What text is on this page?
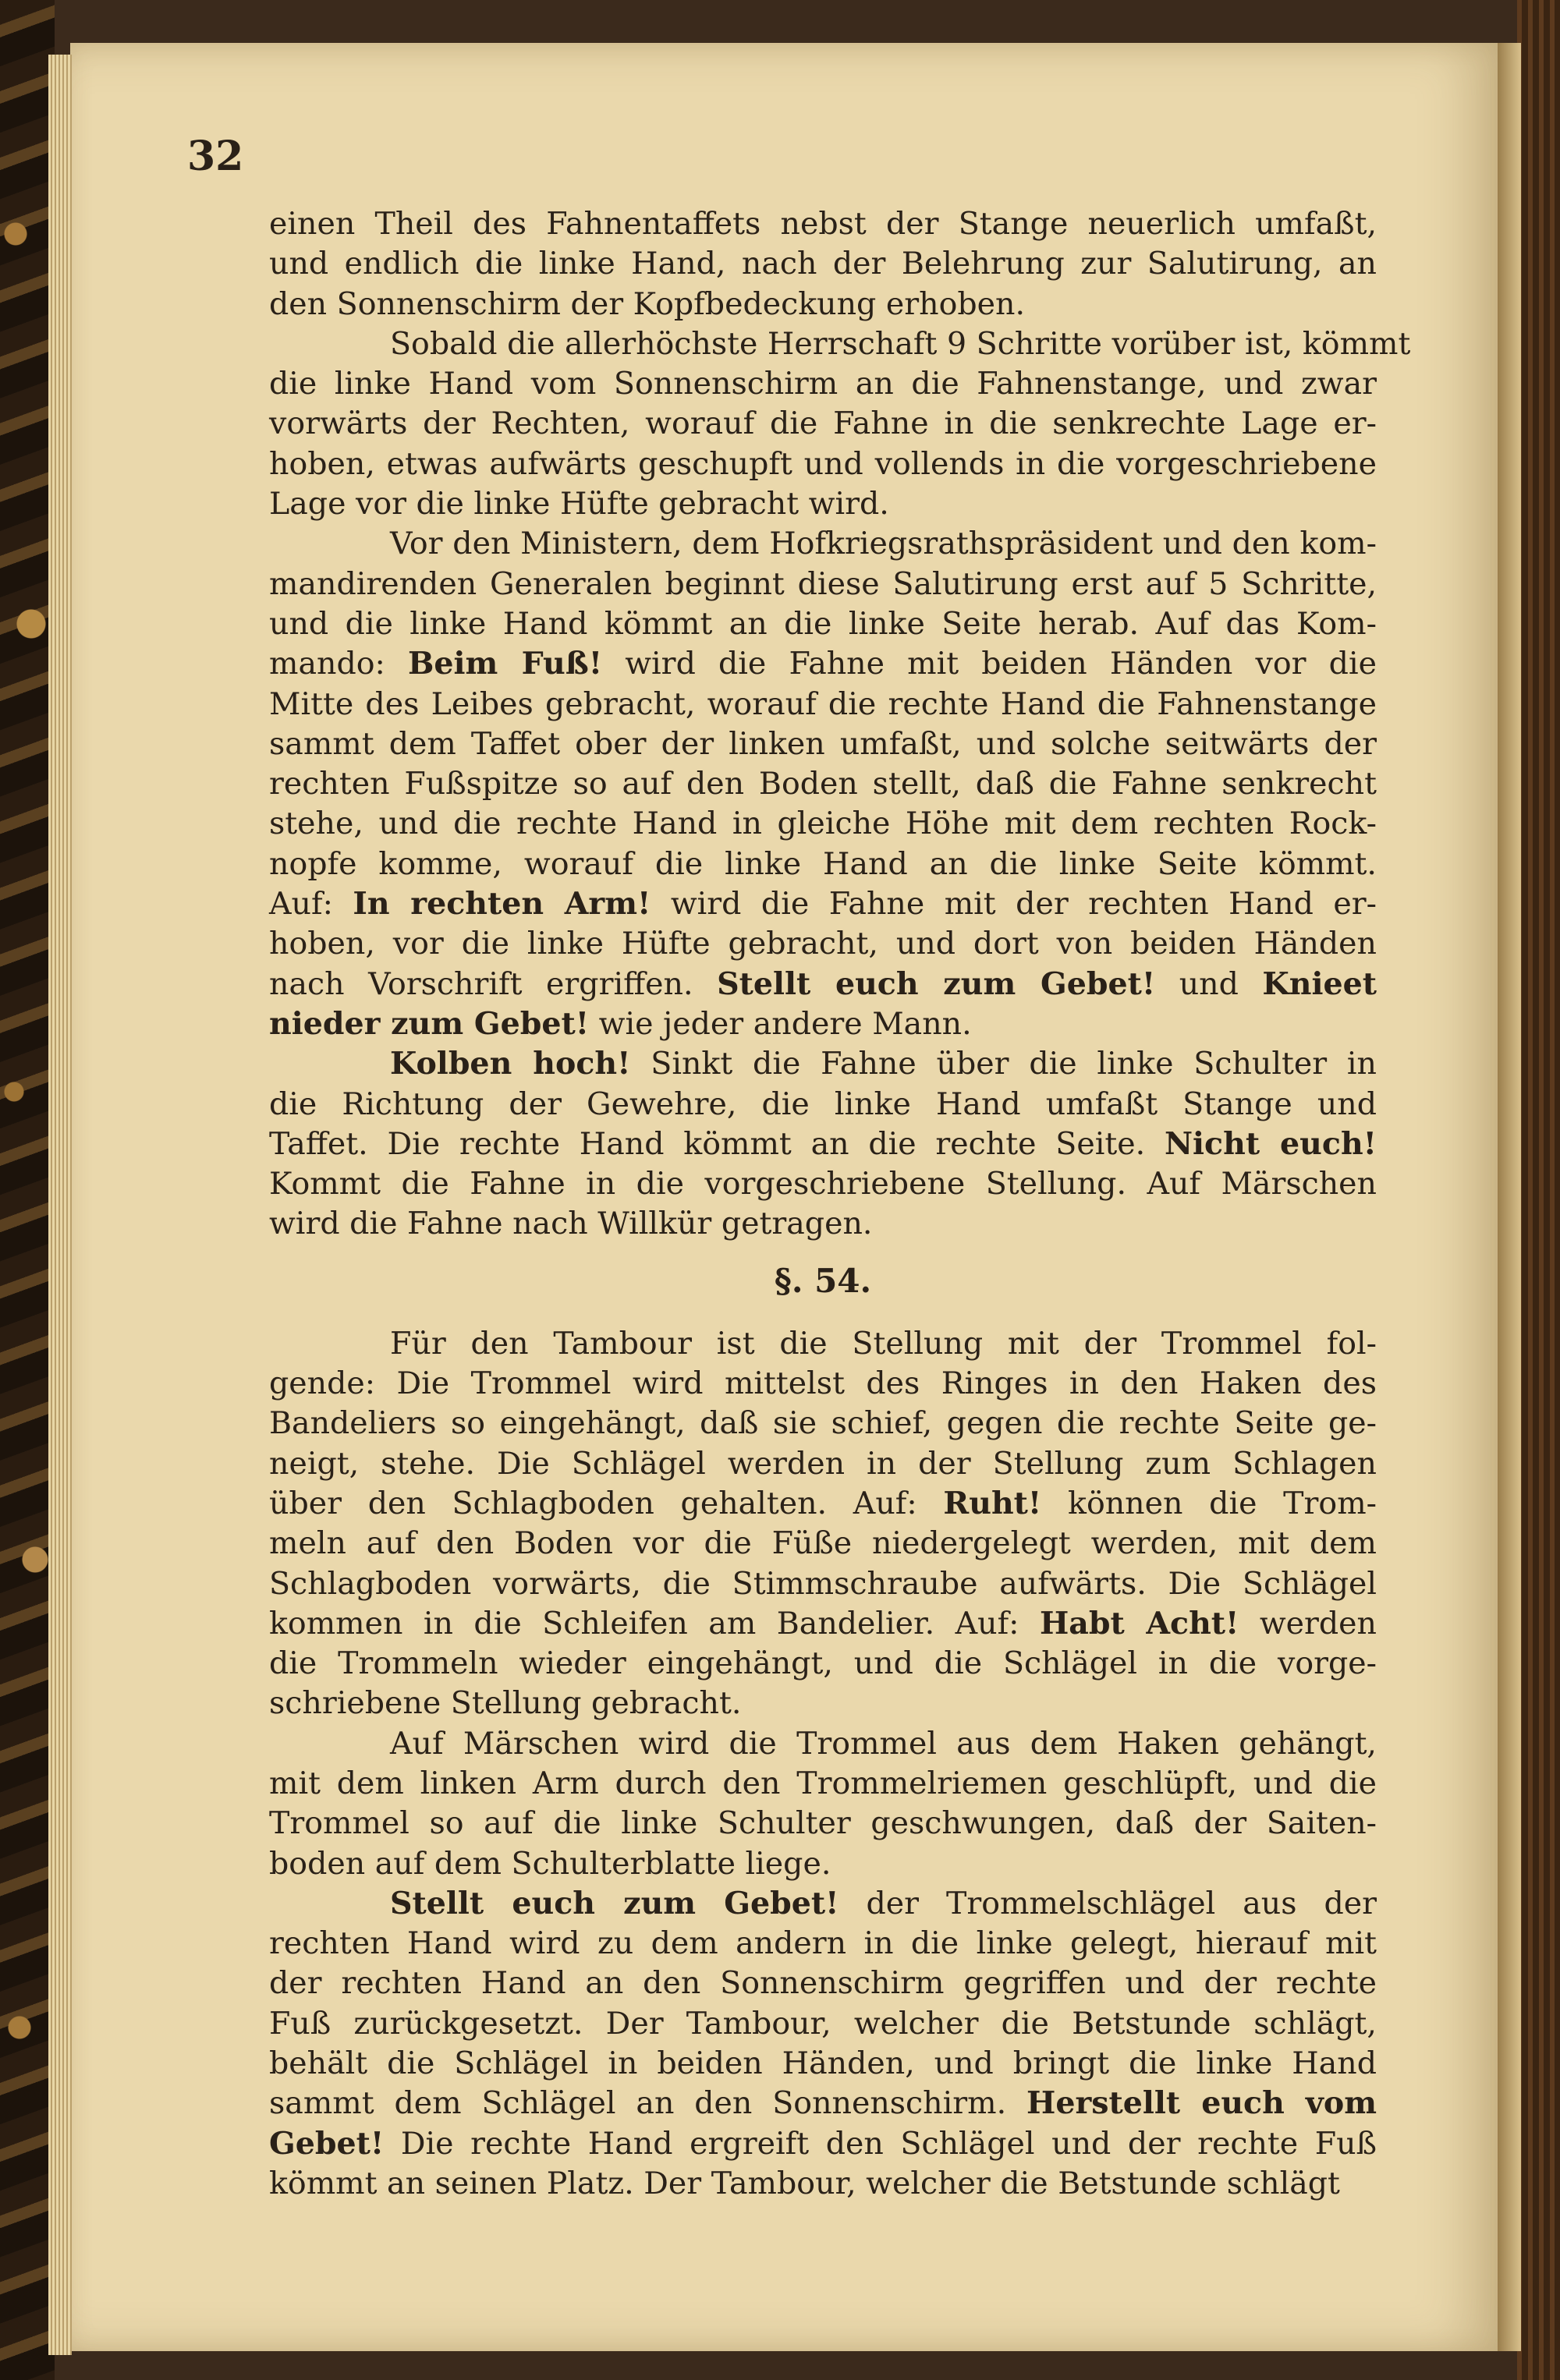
32
einen Theil des Fahnentaffets nebst der Stange neuerlich umfaßt,
und endlich die linke Hand, nach der Belehrung zur Salutirung, an
den Sonnenschirm der Kopfbedeckung erhoben.
Sobald die allerhöchste Herrschaft 9 Schritte vorüber ist, kömmt
die linke Hand vom Sonnenschirm an die Fahnenstange, und zwar
vorwärts der Rechten, worauf die Fahne in die senkrechte Lage er-
hoben, etwas aufwärts geschupft und vollends in die vorgeschriebene
Lage vor die linke Hüfte gebracht wird.
Vor den Ministern, dem Hofkriegsrathspräsident und den kom-
mandirenden Generalen beginnt diese Salutirung erst auf 5 Schritte,
und die linke Hand kömmt an die linke Seite herab. Auf das Kom-
mando: Beim Fuß! wird die Fahne mit beiden Händen vor die
Mitte des Leibes gebracht, worauf die rechte Hand die Fahnenstange
sammt dem Taffet ober der linken umfaßt, und solche seitwärts der
rechten Fußspitze so auf den Boden stellt, daß die Fahne senkrecht
stehe, und die rechte Hand in gleiche Höhe mit dem rechten Rock-
nopfe komme, worauf die linke Hand an die linke Seite kömmt.
Auf: In rechten Arm! wird die Fahne mit der rechten Hand er-
hoben, vor die linke Hüfte gebracht, und dort von beiden Händen
nach Vorschrift ergriffen. Stellt euch zum Gebet! und Knieet
nieder zum Gebet! wie jeder andere Mann.
Kolben hoch! Sinkt die Fahne über die linke Schulter in
die Richtung der Gewehre, die linke Hand umfaßt Stange und
Taffet. Die rechte Hand kömmt an die rechte Seite. Nicht euch!
Kommt die Fahne in die vorgeschriebene Stellung. Auf Märschen
wird die Fahne nach Willkür getragen.
§. 54.
Für den Tambour ist die Stellung mit der Trommel fol-
gende: Die Trommel wird mittelst des Ringes in den Haken des
Bandeliers so eingehängt, daß sie schief, gegen die rechte Seite ge-
neigt, stehe. Die Schlägel werden in der Stellung zum Schlagen
über den Schlagboden gehalten. Auf: Ruht! können die Trom-
meln auf den Boden vor die Füße niedergelegt werden, mit dem
Schlagboden vorwärts, die Stimmschraube aufwärts. Die Schlägel
kommen in die Schleifen am Bandelier. Auf: Habt Acht! werden
die Trommeln wieder eingehängt, und die Schlägel in die vorge-
schriebene Stellung gebracht.
Auf Märschen wird die Trommel aus dem Haken gehängt,
mit dem linken Arm durch den Trommelriemen geschlüpft, und die
Trommel so auf die linke Schulter geschwungen, daß der Saiten-
boden auf dem Schulterblatte liege.
Stellt euch zum Gebet! der Trommelschlägel aus der
rechten Hand wird zu dem andern in die linke gelegt, hierauf mit
der rechten Hand an den Sonnenschirm gegriffen und der rechte
Fuß zurückgesetzt. Der Tambour, welcher die Betstunde schlägt,
behält die Schlägel in beiden Händen, und bringt die linke Hand
sammt dem Schlägel an den Sonnenschirm. Herstellt euch vom
Gebet! Die rechte Hand ergreift den Schlägel und der rechte Fuß
kömmt an seinen Platz. Der Tambour, welcher die Betstunde schlägt
